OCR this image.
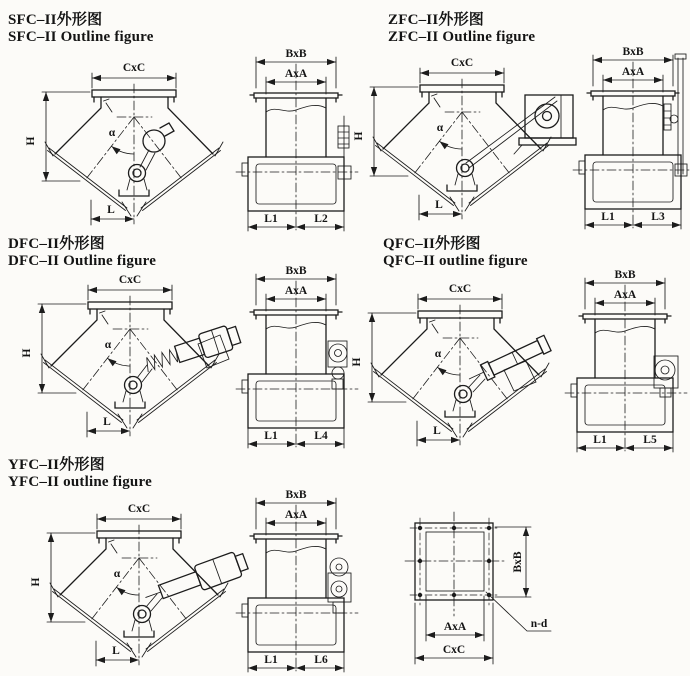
CxC
H
α
L
BxB
AxA
L1	L2
CxC
H
α
L
BxB
AxA
L1	L3
CxC
H
α
L
BxB
AxA
L1	L4
CxC
H
α
L
BxB
AxA
L1	L5
CxC
H
α
L
BxB
AxA
L1	L6
BxB
AxA
CxC
n-d
SFC–II外形图
SFC–II Outline figure
ZFC–II外形图
ZFC–II Outline figure
DFC–II外形图
DFC–II Outline figure
QFC–II外形图
QFC–II outline figure
YFC–II外形图
YFC–II outline figure
